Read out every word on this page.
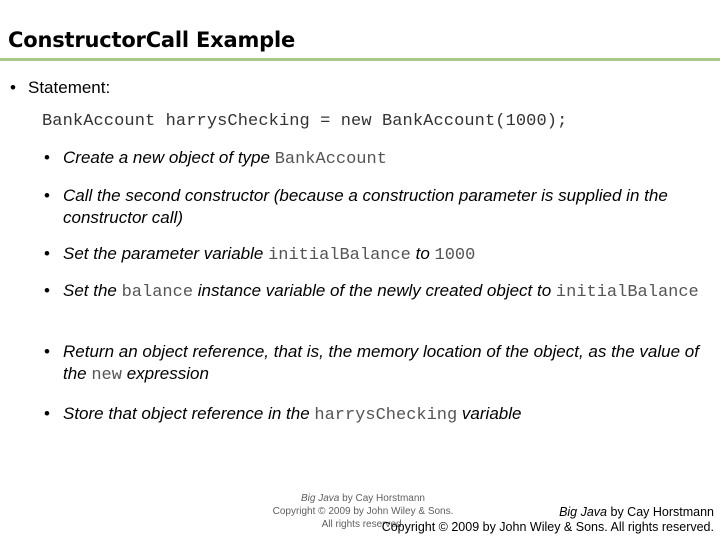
ConstructorCall Example
• Statement:
BankAccount harrysChecking = new BankAccount(1000);
• Create a new object of type BankAccount
• Call the second constructor (because a construction parameter is supplied in the constructor call)
• Set the parameter variable initialBalance to 1000
• Set the balance instance variable of the newly created object to initialBalance
• Return an object reference, that is, the memory location of the object, as the value of the new expression
• Store that object reference in the harrysChecking variable
Big Java by Cay Horstmann
Copyright © 2009 by John Wiley & Sons.
All rights reserved.
Big Java by Cay Horstmann
Copyright © 2009 by John Wiley & Sons. All rights reserved.
